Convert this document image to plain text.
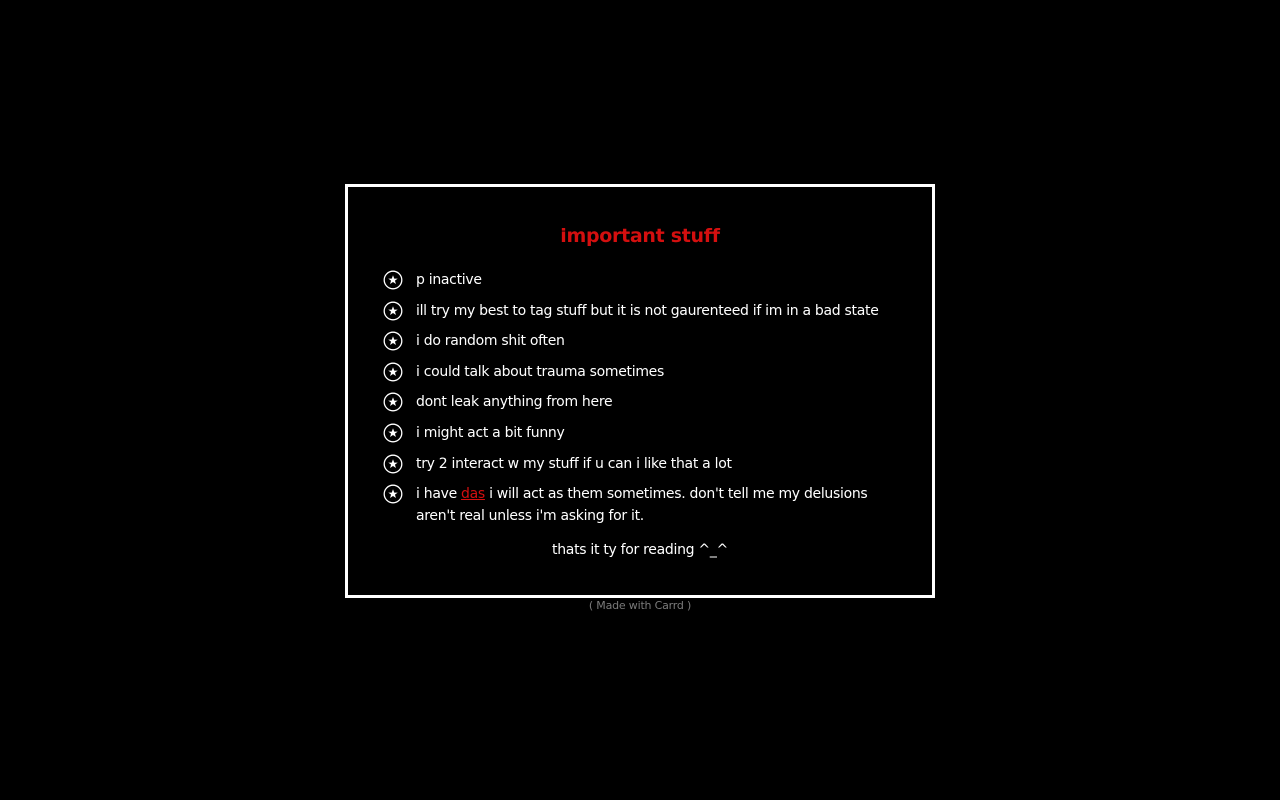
important stuff
p inactive
ill try my best to tag stuff but it is not gaurenteed if im in a bad state
i do random shit often
i could talk about trauma sometimes
dont leak anything from here
i might act a bit funny
try 2 interact w my stuff if u can i like that a lot
i have das i will act as them sometimes. don't tell me my delusions aren't real unless i'm asking for it.
thats it ty for reading ^_^
( Made with Carrd )
